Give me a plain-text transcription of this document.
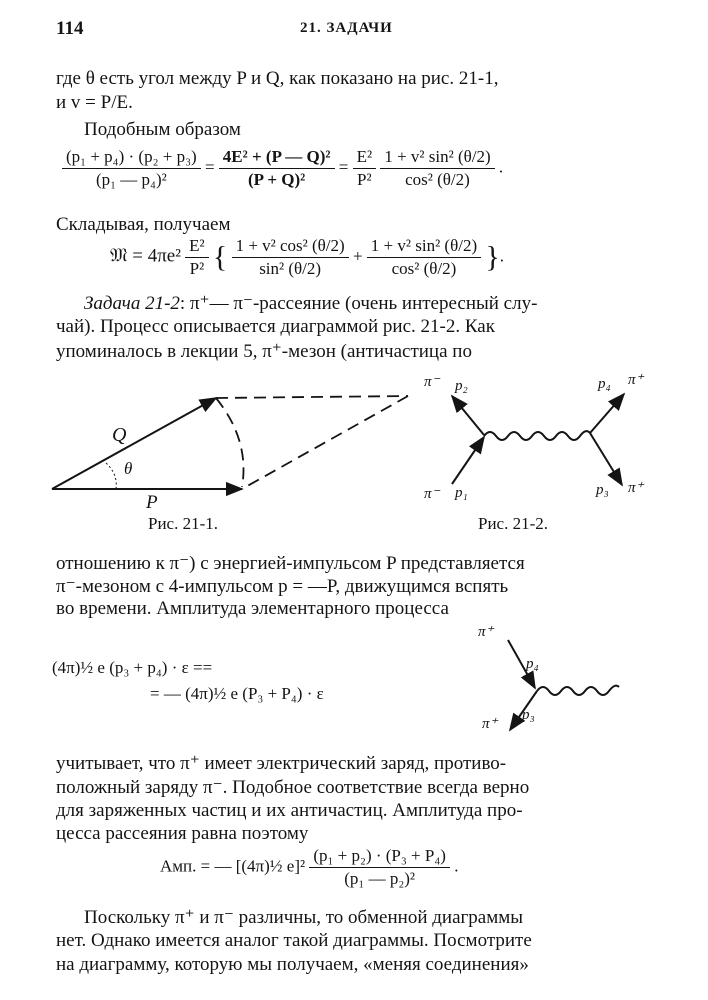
114	21. ЗАДАЧИ
где θ есть угол между P и Q, как показано на рис. 21-1,
и v = P/E.
Подобным образом
$\frac{\text{(p₁ + p₄) · (p₂ + p₃)}}{\text{(p₁ — p₄)²}} = \frac{\text{4E² + (P — Q)²}}{\text{(P + Q)²}} = \frac{\text{E²}}{\text{P²}}$
$\frac{\text{1 + v² sin² (θ/2)}}{\text{cos² (θ/2)}}$ .
Складывая, получаем
𝔐 = $4\pi e^2 \frac{\text{E²}}{\text{P²}}$ { $\frac{\text{1 + v² cos² (θ/2)}}{\text{sin² (θ/2)}} + \frac{\text{1 + v² sin² (θ/2)}}{\text{cos² (θ/2)}}$ }.
Задача 21-2: π⁺— π⁻-рассеяние (очень интересный слу-
чай). Процесс описывается диаграммой рис. 21-2. Как
упоминалось в лекции 5, π⁺-мезон (античастица по
Q
θ
P
π⁻ p₂	p₄ π⁺
π⁻ p₁	p₃ π⁺
π⁺
p₄
π⁺
p₃
Рис. 21-1.	Рис. 21-2.
отношению к π⁻) с энергией-импульсом P представляется
π⁻-мезоном с 4-импульсом p = —P, движущимся вспять
во времени. Амплитуда элементарного процесса
(4π)½ e (p₃ + p₄) · ε ==
= — (4π)½ e (P₃ + P₄) · ε
учитывает, что π⁺ имеет электрический заряд, противо-
положный заряду π⁻. Подобное соответствие всегда верно
для заряженных частиц и их античастиц. Амплитуда про-
цесса рассеяния равна поэтому
Амп. = — [(4π)½ $e]^2 \frac{\text{(p₁ + p₂) · (P₃ + P₄)}}{\text{(p₁ — p₂)²}}$ .
Поскольку π⁺ и π⁻ различны, то обменной диаграммы
нет. Однако имеется аналог такой диаграммы. Посмотрите
на диаграмму, которую мы получаем, «меняя соединения»
